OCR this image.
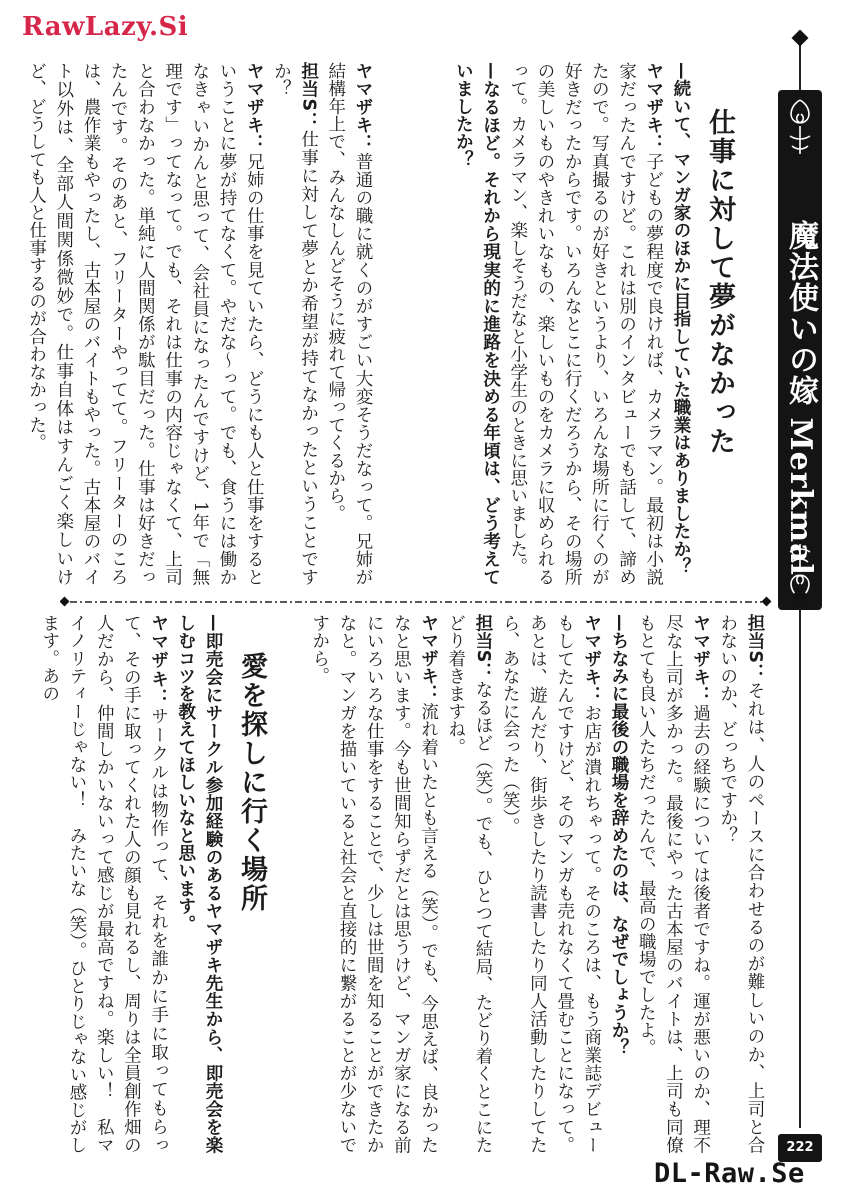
RawLazy.Si
魔法使いの嫁 Merkmal
222
仕事に対して夢がなかった
—続いて、マンガ家のほかに目指していた職業はありましたか？
ヤマザキ：子どもの夢程度で良ければ、カメラマン。最初は小説家だったんですけど。これは別のインタビューでも話して、諦めたので。写真撮るのが好きというより、いろんな場所に行くのが好きだったからです。いろんなとこに行くだろうから、その場所の美しいものやきれいなもの、楽しいものをカメラに収められるって。カメラマン、楽しそうだなと小学生のときに思いました。
—なるほど。それから現実的に進路を決める年頃は、どう考えていましたか？
ヤマザキ：普通の職に就くのがすごい大変そうだなって。兄姉が結構年上で、みんなしんどそうに疲れて帰ってくるから。
担当S：仕事に対して夢とか希望が持てなかったということですか？
ヤマザキ：兄姉の仕事を見ていたら、どうにも人と仕事をするということに夢が持てなくて。やだな〜って。でも、食うには働かなきゃいかんと思って、会社員になったんですけど、1年で「無理です」ってなって。でも、それは仕事の内容じゃなくて、上司と合わなかった。単純に人間関係が駄目だった。仕事は好きだったんです。そのあと、フリーターやってて。フリーターのころは、農作業もやったし、古本屋のバイトもやった。古本屋のバイト以外は、全部人間関係微妙で。仕事自体はすんごく楽しいけど、どうしても人と仕事するのが合わなかった。
担当S：それは、人のペースに合わせるのが難しいのか、上司と合わないのか、どっちですか？
ヤマザキ：過去の経験については後者ですね。運が悪いのか、理不尽な上司が多かった。最後にやった古本屋のバイトは、上司も同僚もとても良い人たちだったんで、最高の職場でしたよ。
—ちなみに最後の職場を辞めたのは、なぜでしょうか？
ヤマザキ：お店が潰れちゃって。そのころは、もう商業誌デビューもしてたんですけど、そのマンガも売れなくて畳むことになって。あとは、遊んだり、街歩きしたり読書したり同人活動したりしてたら、あなたに会った（笑）。
担当S：なるほど（笑）。でも、ひとつて結局、たどり着くとこにたどり着きますね。
ヤマザキ：流れ着いたとも言える（笑）。でも、今思えば、良かったなと思います。今も世間知らずだとは思うけど、マンガ家になる前にいろいろな仕事をすることで、少しは世間を知ることができたかなと。マンガを描いていると社会と直接的に繋がることが少ないですから。
愛を探しに行く場所
—即売会にサークル参加経験のあるヤマザキ先生から、即売会を楽しむコツを教えてほしいなと思います。
ヤマザキ：サークルは物作って、それを誰かに手に取ってもらって、その手に取ってくれた人の顔も見れるし、周りは全員創作畑の人だから、仲間しかいないって感じが最高ですね。楽しい！　私マイノリティーじゃない！　みたいな（笑）。ひとりじゃない感じがします。あの
DL-Raw.Se
